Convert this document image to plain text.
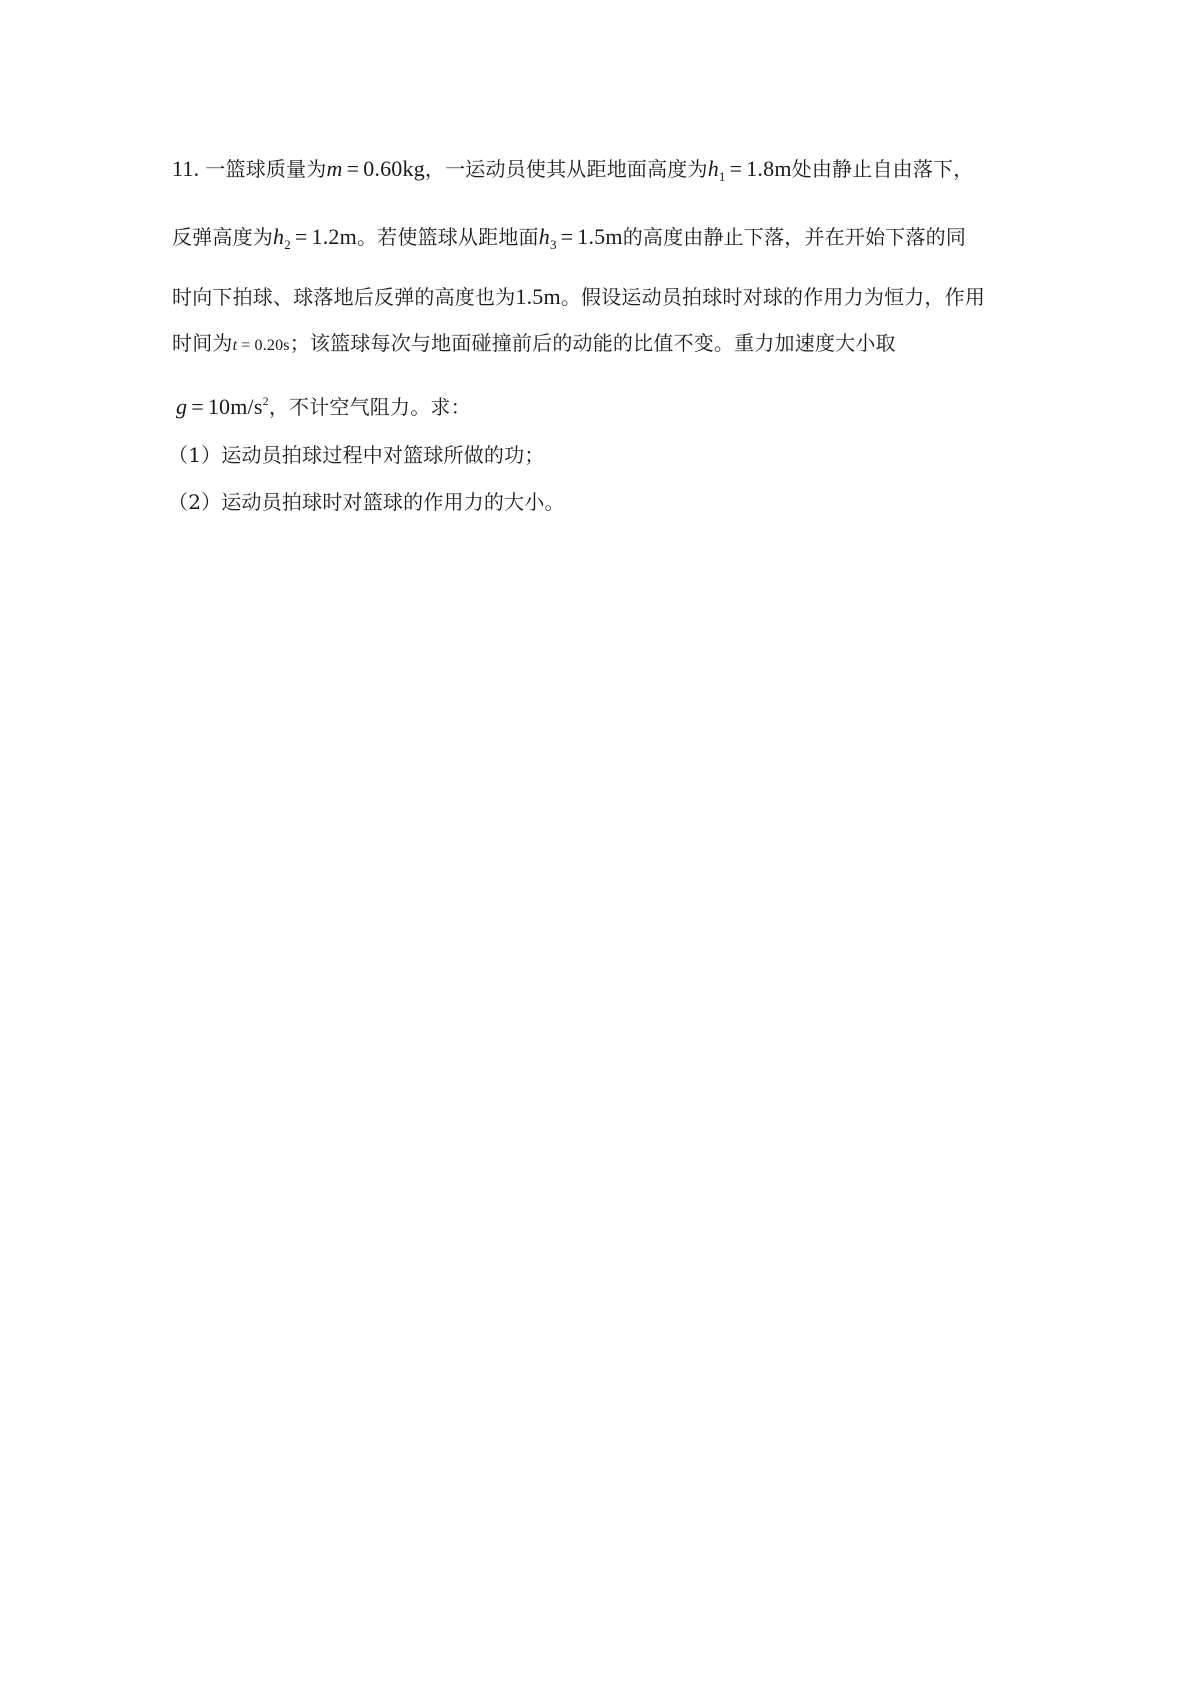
11. 一篮球质量为m = 0.60kg，一运动员使其从距地面高度为$h_1 = 1.8m$处由静止自由落下，
反弹高度为$h_2 = 1.2m$。若使篮球从距地面$h_3 = 1.5m$的高度由静止下落，并在开始下落的同
时向下拍球、球落地后反弹的高度也为1.5m。假设运动员拍球时对球的作用力为恒力，作用
时间为t = 0.20s；该篮球每次与地面碰撞前后的动能的比值不变。重力加速度大小取
$g = 10m/s^2$，不计空气阻力。求：
（1）运动员拍球过程中对篮球所做的功；
（2）运动员拍球时对篮球的作用力的大小。
